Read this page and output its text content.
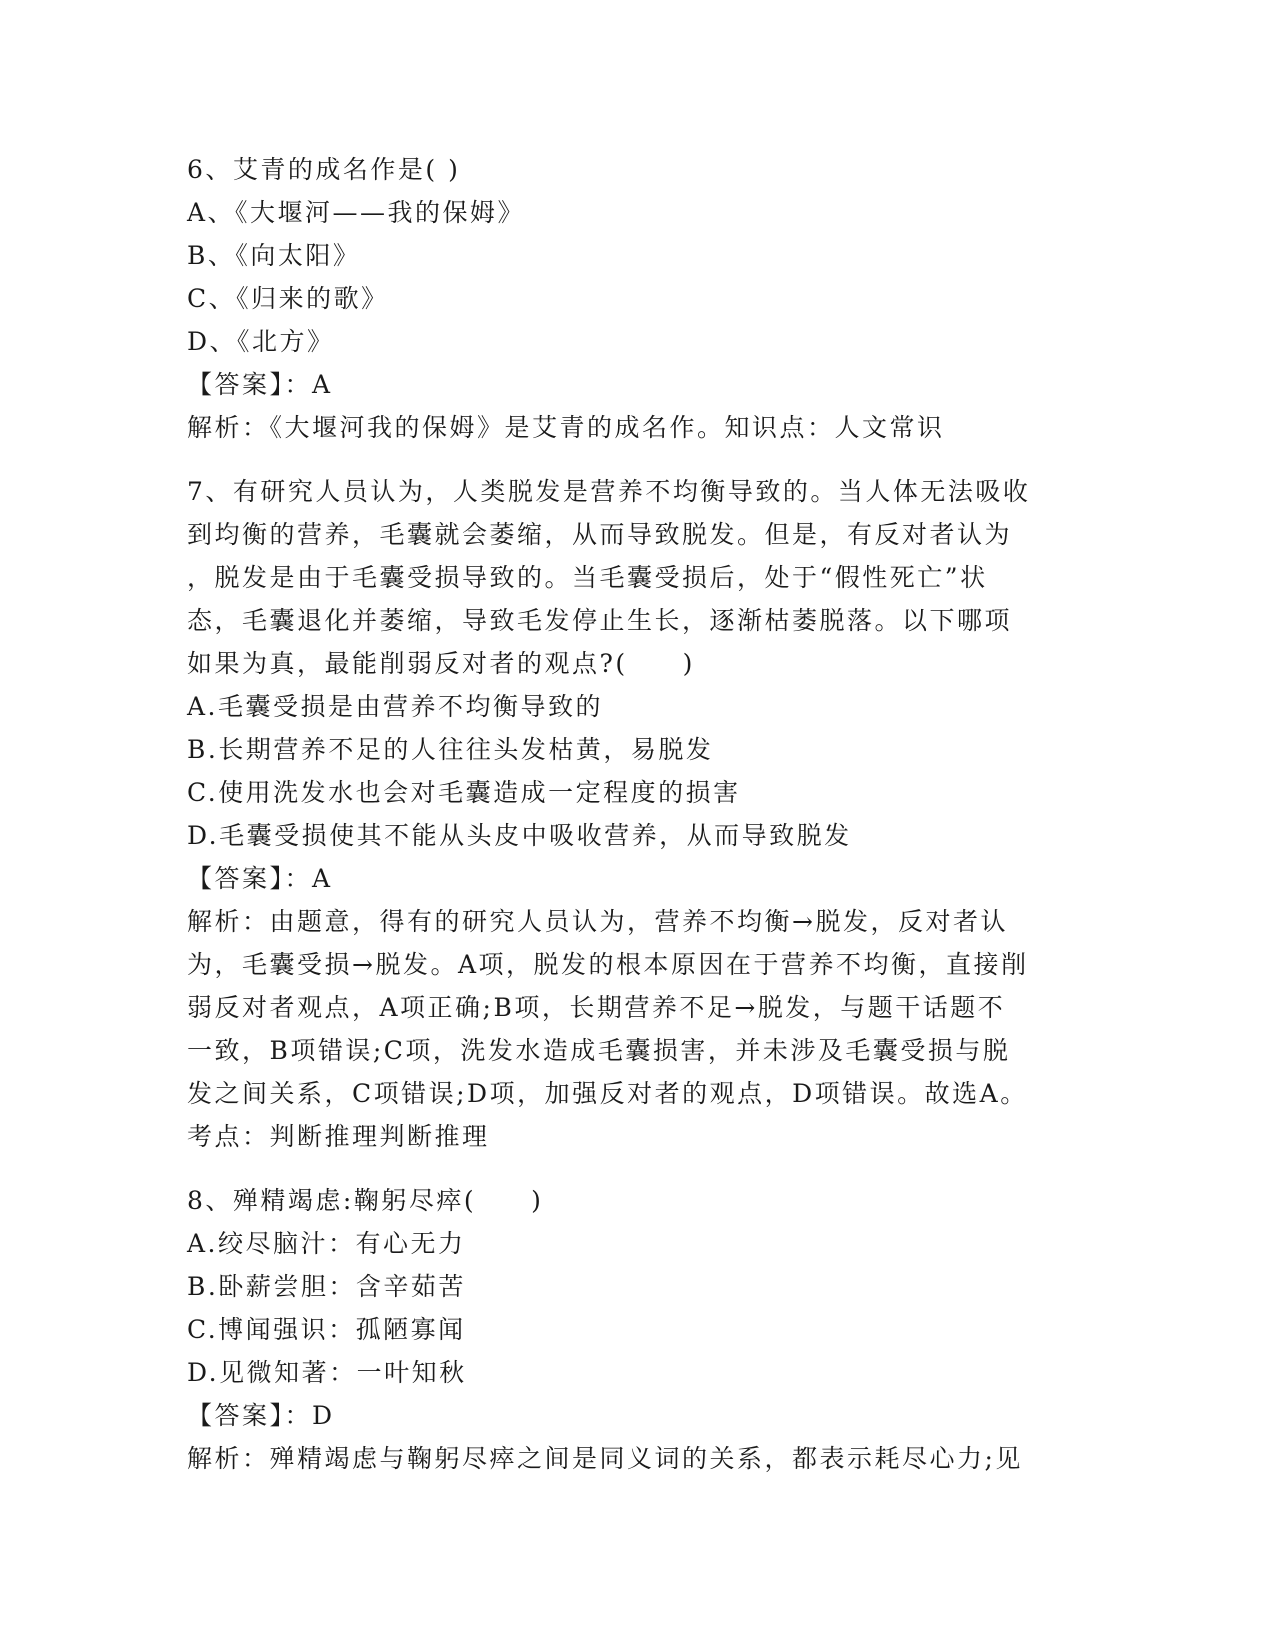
6、艾青的成名作是( )
A、《大堰河——我的保姆》
B、《向太阳》
C、《归来的歌》
D、《北方》
【答案】：A
解析：《大堰河我的保姆》是艾青的成名作。知识点：人文常识
7、有研究人员认为，人类脱发是营养不均衡导致的。当人体无法吸收
到均衡的营养，毛囊就会萎缩，从而导致脱发。但是，有反对者认为
，脱发是由于毛囊受损导致的。当毛囊受损后，处于“假性死亡”状
态，毛囊退化并萎缩，导致毛发停止生长，逐渐枯萎脱落。以下哪项
如果为真，最能削弱反对者的观点?(　　)
A.毛囊受损是由营养不均衡导致的
B.长期营养不足的人往往头发枯黄，易脱发
C.使用洗发水也会对毛囊造成一定程度的损害
D.毛囊受损使其不能从头皮中吸收营养，从而导致脱发
【答案】：A
解析：由题意，得有的研究人员认为，营养不均衡→脱发，反对者认
为，毛囊受损→脱发。A项，脱发的根本原因在于营养不均衡，直接削
弱反对者观点，A项正确;B项，长期营养不足→脱发，与题干话题不
一致，B项错误;C项，洗发水造成毛囊损害，并未涉及毛囊受损与脱
发之间关系，C项错误;D项，加强反对者的观点，D项错误。故选A。
考点：判断推理判断推理
8、殚精竭虑:鞠躬尽瘁(　　)
A.绞尽脑汁：有心无力
B.卧薪尝胆：含辛茹苦
C.博闻强识：孤陋寡闻
D.见微知著：一叶知秋
【答案】：D
解析：殚精竭虑与鞠躬尽瘁之间是同义词的关系，都表示耗尽心力;见
